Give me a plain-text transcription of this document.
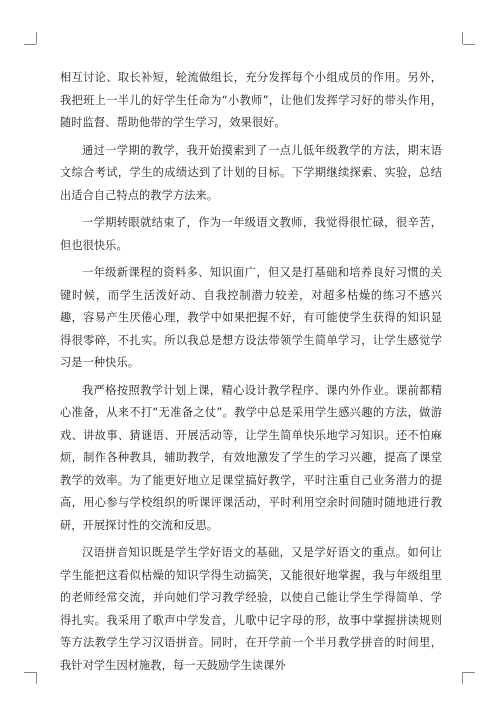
相互讨论、取长补短，轮流做组长，充分发挥每个小组成员的作用。另外，我把班上一半儿的好学生任命为“小教师”，让他们发挥学习好的带头作用，随时监督、帮助他带的学生学习，效果很好。

通过一学期的教学，我开始摸索到了一点儿低年级教学的方法，期末语文综合考试，学生的成绩达到了计划的目标。下学期继续探索、实验，总结出适合自己特点的教学方法来。

一学期转眼就结束了，作为一年级语文教师，我觉得很忙碌，很辛苦，但也很快乐。

一年级新课程的资料多、知识面广，但又是打基础和培养良好习惯的关键时候，而学生活泼好动、自我控制潜力较差，对超多枯燥的练习不感兴趣，容易产生厌倦心理，教学中如果把握不好，有可能使学生获得的知识显得很零碎，不扎实。所以我总是想方设法带领学生简单学习，让学生感觉学习是一种快乐。

我严格按照教学计划上课，精心设计教学程序、课内外作业。课前都精心准备，从来不打“无准备之仗”。教学中总是采用学生感兴趣的方法，做游戏、讲故事、猜谜语、开展活动等，让学生简单快乐地学习知识。还不怕麻烦，制作各种教具，辅助教学，有效地激发了学生的学习兴趣，提高了课堂教学的效率。为了能更好地立足课堂搞好教学，平时注重自己业务潜力的提高，用心参与学校组织的听课评课活动，平时利用空余时间随时随地进行教研，开展探讨性的交流和反思。

汉语拼音知识既是学生学好语文的基础，又是学好语文的重点。如何让学生能把这看似枯燥的知识学得生动搞笑，又能很好地掌握，我与年级组里的老师经常交流，并向她们学习教学经验，以使自己能让学生学得简单、学得扎实。我采用了歌声中学发音，儿歌中记字母的形，故事中掌握拼读规则等方法教学生学习汉语拼音。同时，在开学前一个半月教学拼音的时间里，我针对学生因材施教，每一天鼓励学生读课外
